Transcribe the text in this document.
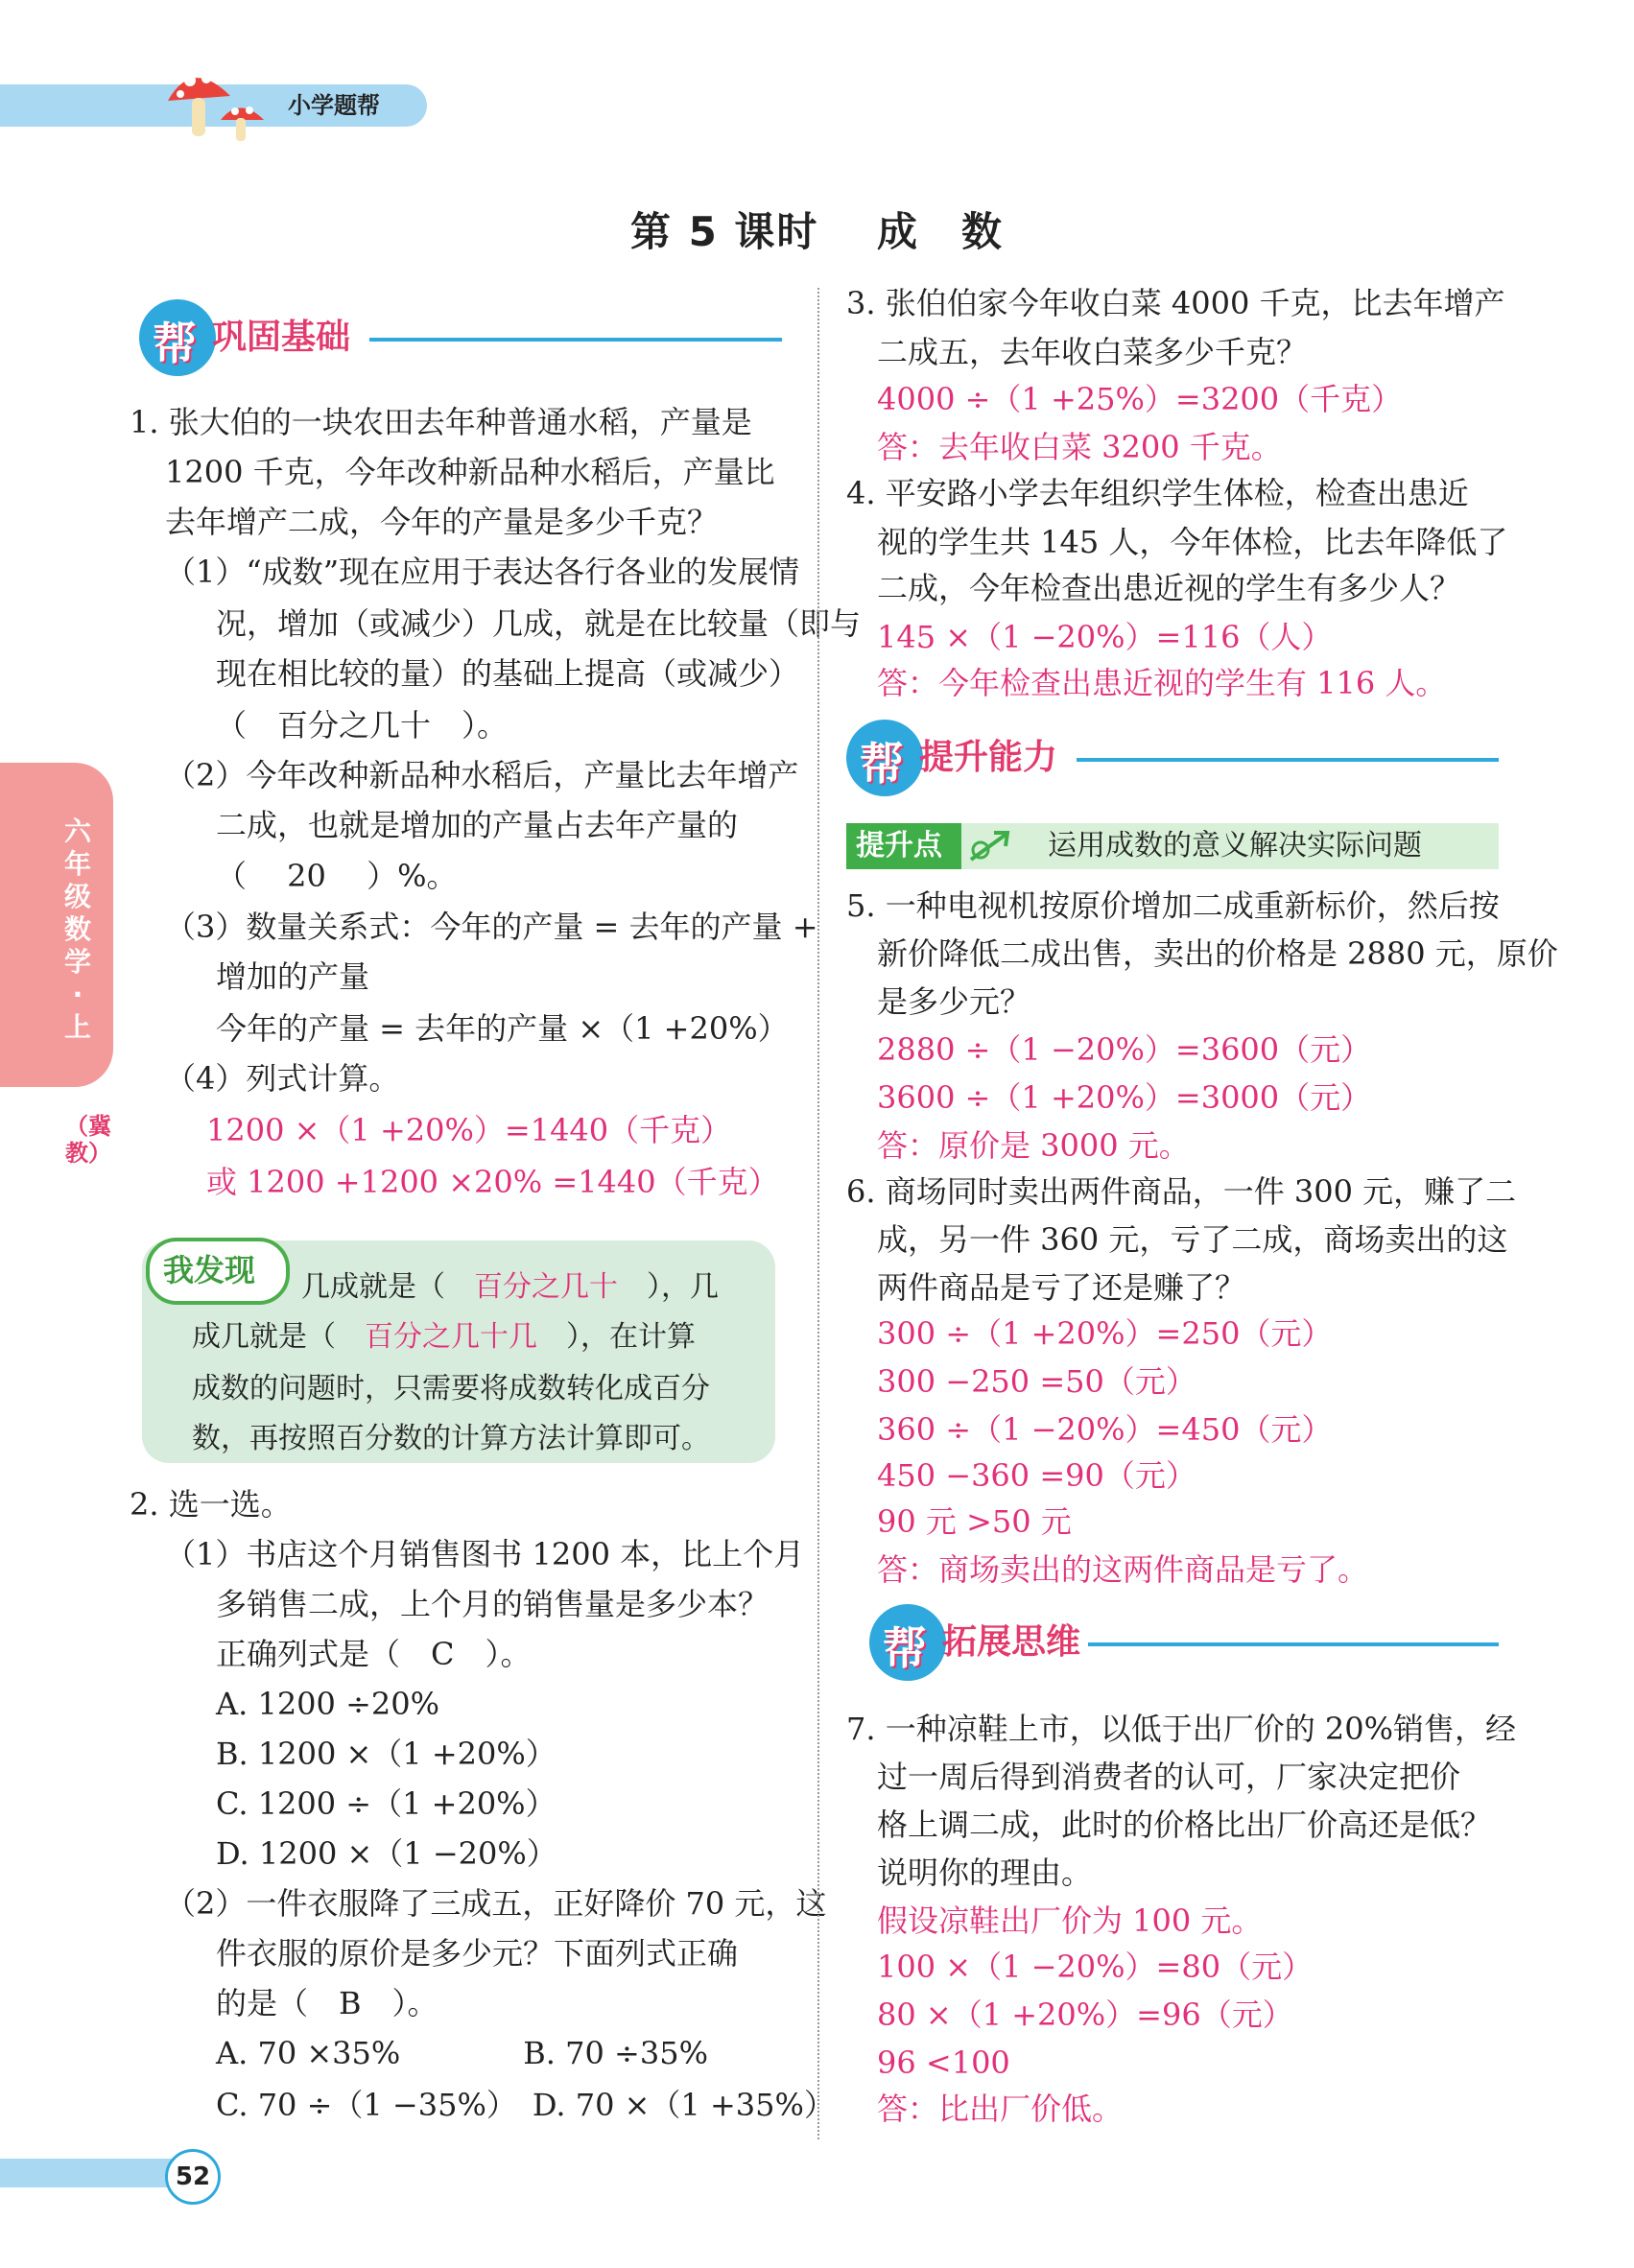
小学题帮
第 5 课时　 成　数
六年级数学·上
（冀教）
帮 巩固基础
1. 张大伯的一块农田去年种普通水稻，产量是
1200 千克，今年改种新品种水稻后，产量比
去年增产二成，今年的产量是多少千克？
（1）“成数”现在应用于表达各行各业的发展情
况，增加（或减少）几成，就是在比较量（即与
现在相比较的量）的基础上提高（或减少）
（　百分之几十　）。
（2）今年改种新品种水稻后，产量比去年增产
二成，也就是增加的产量占去年产量的
（　 20　 ）%。
（3）数量关系式：今年的产量 = 去年的产量 +
增加的产量
今年的产量 = 去年的产量 ×（1 +20%）
（4）列式计算。
1200 ×（1 +20%）=1440（千克）
或 1200 +1200 ×20% =1440（千克）
我发现 几成就是（　百分之几十　），几
成几就是（　百分之几十几　），在计算
成数的问题时，只需要将成数转化成百分
数，再按照百分数的计算方法计算即可。
2. 选一选。
（1）书店这个月销售图书 1200 本，比上个月
多销售二成，上个月的销售量是多少本？
正确列式是（　C　）。
A. 1200 ÷20%
B. 1200 ×（1 +20%）
C. 1200 ÷（1 +20%）
D. 1200 ×（1 −20%）
（2）一件衣服降了三成五，正好降价 70 元，这
件衣服的原价是多少元？下面列式正确
的是（　B　）。
A. 70 ×35%　　　　B. 70 ÷35%
C. 70 ÷（1 −35%）　D. 70 ×（1 +35%）
3. 张伯伯家今年收白菜 4000 千克，比去年增产
二成五，去年收白菜多少千克？
4000 ÷（1 +25%）=3200（千克）
答：去年收白菜 3200 千克。
4. 平安路小学去年组织学生体检，检查出患近
视的学生共 145 人，今年体检，比去年降低了
二成，今年检查出患近视的学生有多少人？
145 ×（1 −20%）=116（人）
答：今年检查出患近视的学生有 116 人。
帮 提升能力
提升点	运用成数的意义解决实际问题
5. 一种电视机按原价增加二成重新标价，然后按
新价降低二成出售，卖出的价格是 2880 元，原价
是多少元？
2880 ÷（1 −20%）=3600（元）
3600 ÷（1 +20%）=3000（元）
答：原价是 3000 元。
6. 商场同时卖出两件商品，一件 300 元，赚了二
成，另一件 360 元，亏了二成，商场卖出的这
两件商品是亏了还是赚了？
300 ÷（1 +20%）=250（元）
300 −250 =50（元）
360 ÷（1 −20%）=450（元）
450 −360 =90（元）
90 元 >50 元
答：商场卖出的这两件商品是亏了。
帮 拓展思维
7. 一种凉鞋上市，以低于出厂价的 20%销售，经
过一周后得到消费者的认可，厂家决定把价
格上调二成，此时的价格比出厂价高还是低？
说明你的理由。
假设凉鞋出厂价为 100 元。
100 ×（1 −20%）=80（元）
80 ×（1 +20%）=96（元）
96 <100
答：比出厂价低。
52
